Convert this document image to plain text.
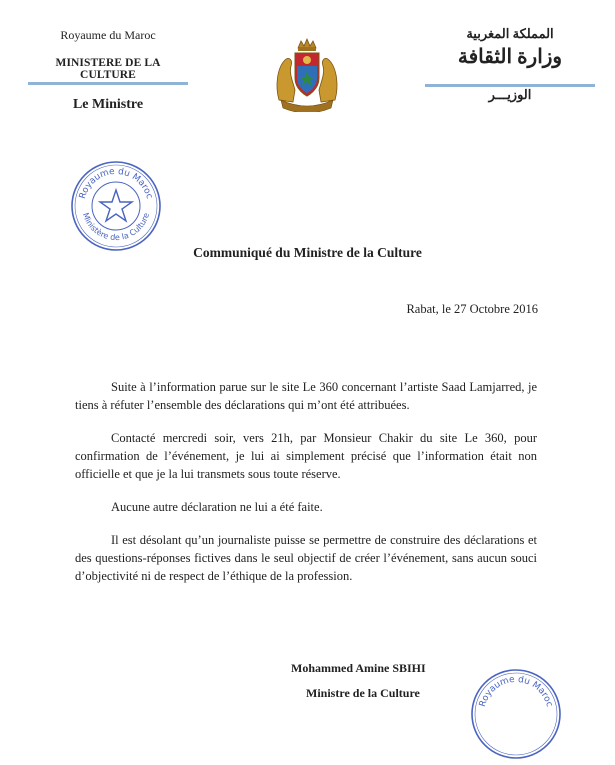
Royaume du Maroc
MINISTERE DE LA CULTURE
Le Ministre
المملكة المغربية
وزارة الثقافة
الوزيـــر
Royaume du Maroc
Ministère de la Culture
Communiqué du Ministre de la Culture
Rabat, le 27 Octobre 2016

Suite à l’information parue sur le site Le 360 concernant l’artiste Saad Lamjarred, je tiens à réfuter l’ensemble des déclarations qui m’ont été attribuées.

Contacté mercredi soir, vers 21h, par Monsieur Chakir du site Le 360, pour confirmation de l’événement, je lui ai simplement précisé que l’information était non officielle et que je la lui transmets sous toute réserve.

Aucune autre déclaration ne lui a été faite.

Il est désolant qu’un journaliste puisse se permettre de construire des déclarations et des questions-réponses fictives dans le seul objectif de créer l’événement, sans aucun souci d’objectivité ni de respect de l’éthique de la profession.

Mohammed Amine SBIHI
Ministre de la Culture
Royaume du Maroc
